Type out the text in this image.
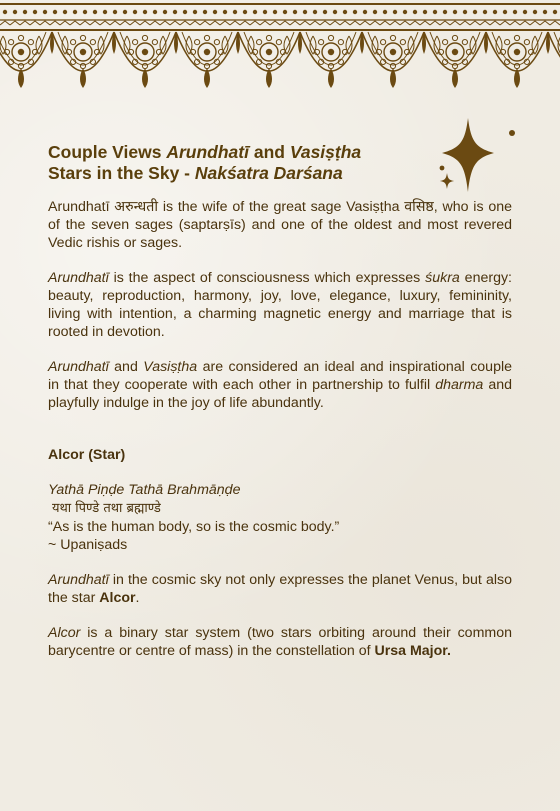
Couple Views Arundhatī and Vasiṣṭha
Stars in the Sky - Nakśatra Darśana

Arundhatī अरुन्धती is the wife of the great sage Vasiṣṭha वसिष्ठ, who is one of the seven sages (saptarṣīs) and one of the oldest and most revered Vedic rishis or sages.

Arundhatī is the aspect of consciousness which expresses śukra energy: beauty, reproduction, harmony, joy, love, elegance, luxury, femininity, living with intention, a charming magnetic energy and marriage that is rooted in devotion.

Arundhatī and Vasiṣṭha are considered an ideal and inspirational couple in that they cooperate with each other in partnership to fulfil dharma and playfully indulge in the joy of life abundantly.

Alcor (Star)

Yathā Piṇḍe Tathā Brahmāṇḍe
यथा पिण्डे तथा ब्रह्माण्डे
“As is the human body, so is the cosmic body.”
~ Upaniṣads

Arundhatī in the cosmic sky not only expresses the planet Venus, but also the star Alcor.

Alcor is a binary star system (two stars orbiting around their common barycentre or centre of mass) in the constellation of Ursa Major.
